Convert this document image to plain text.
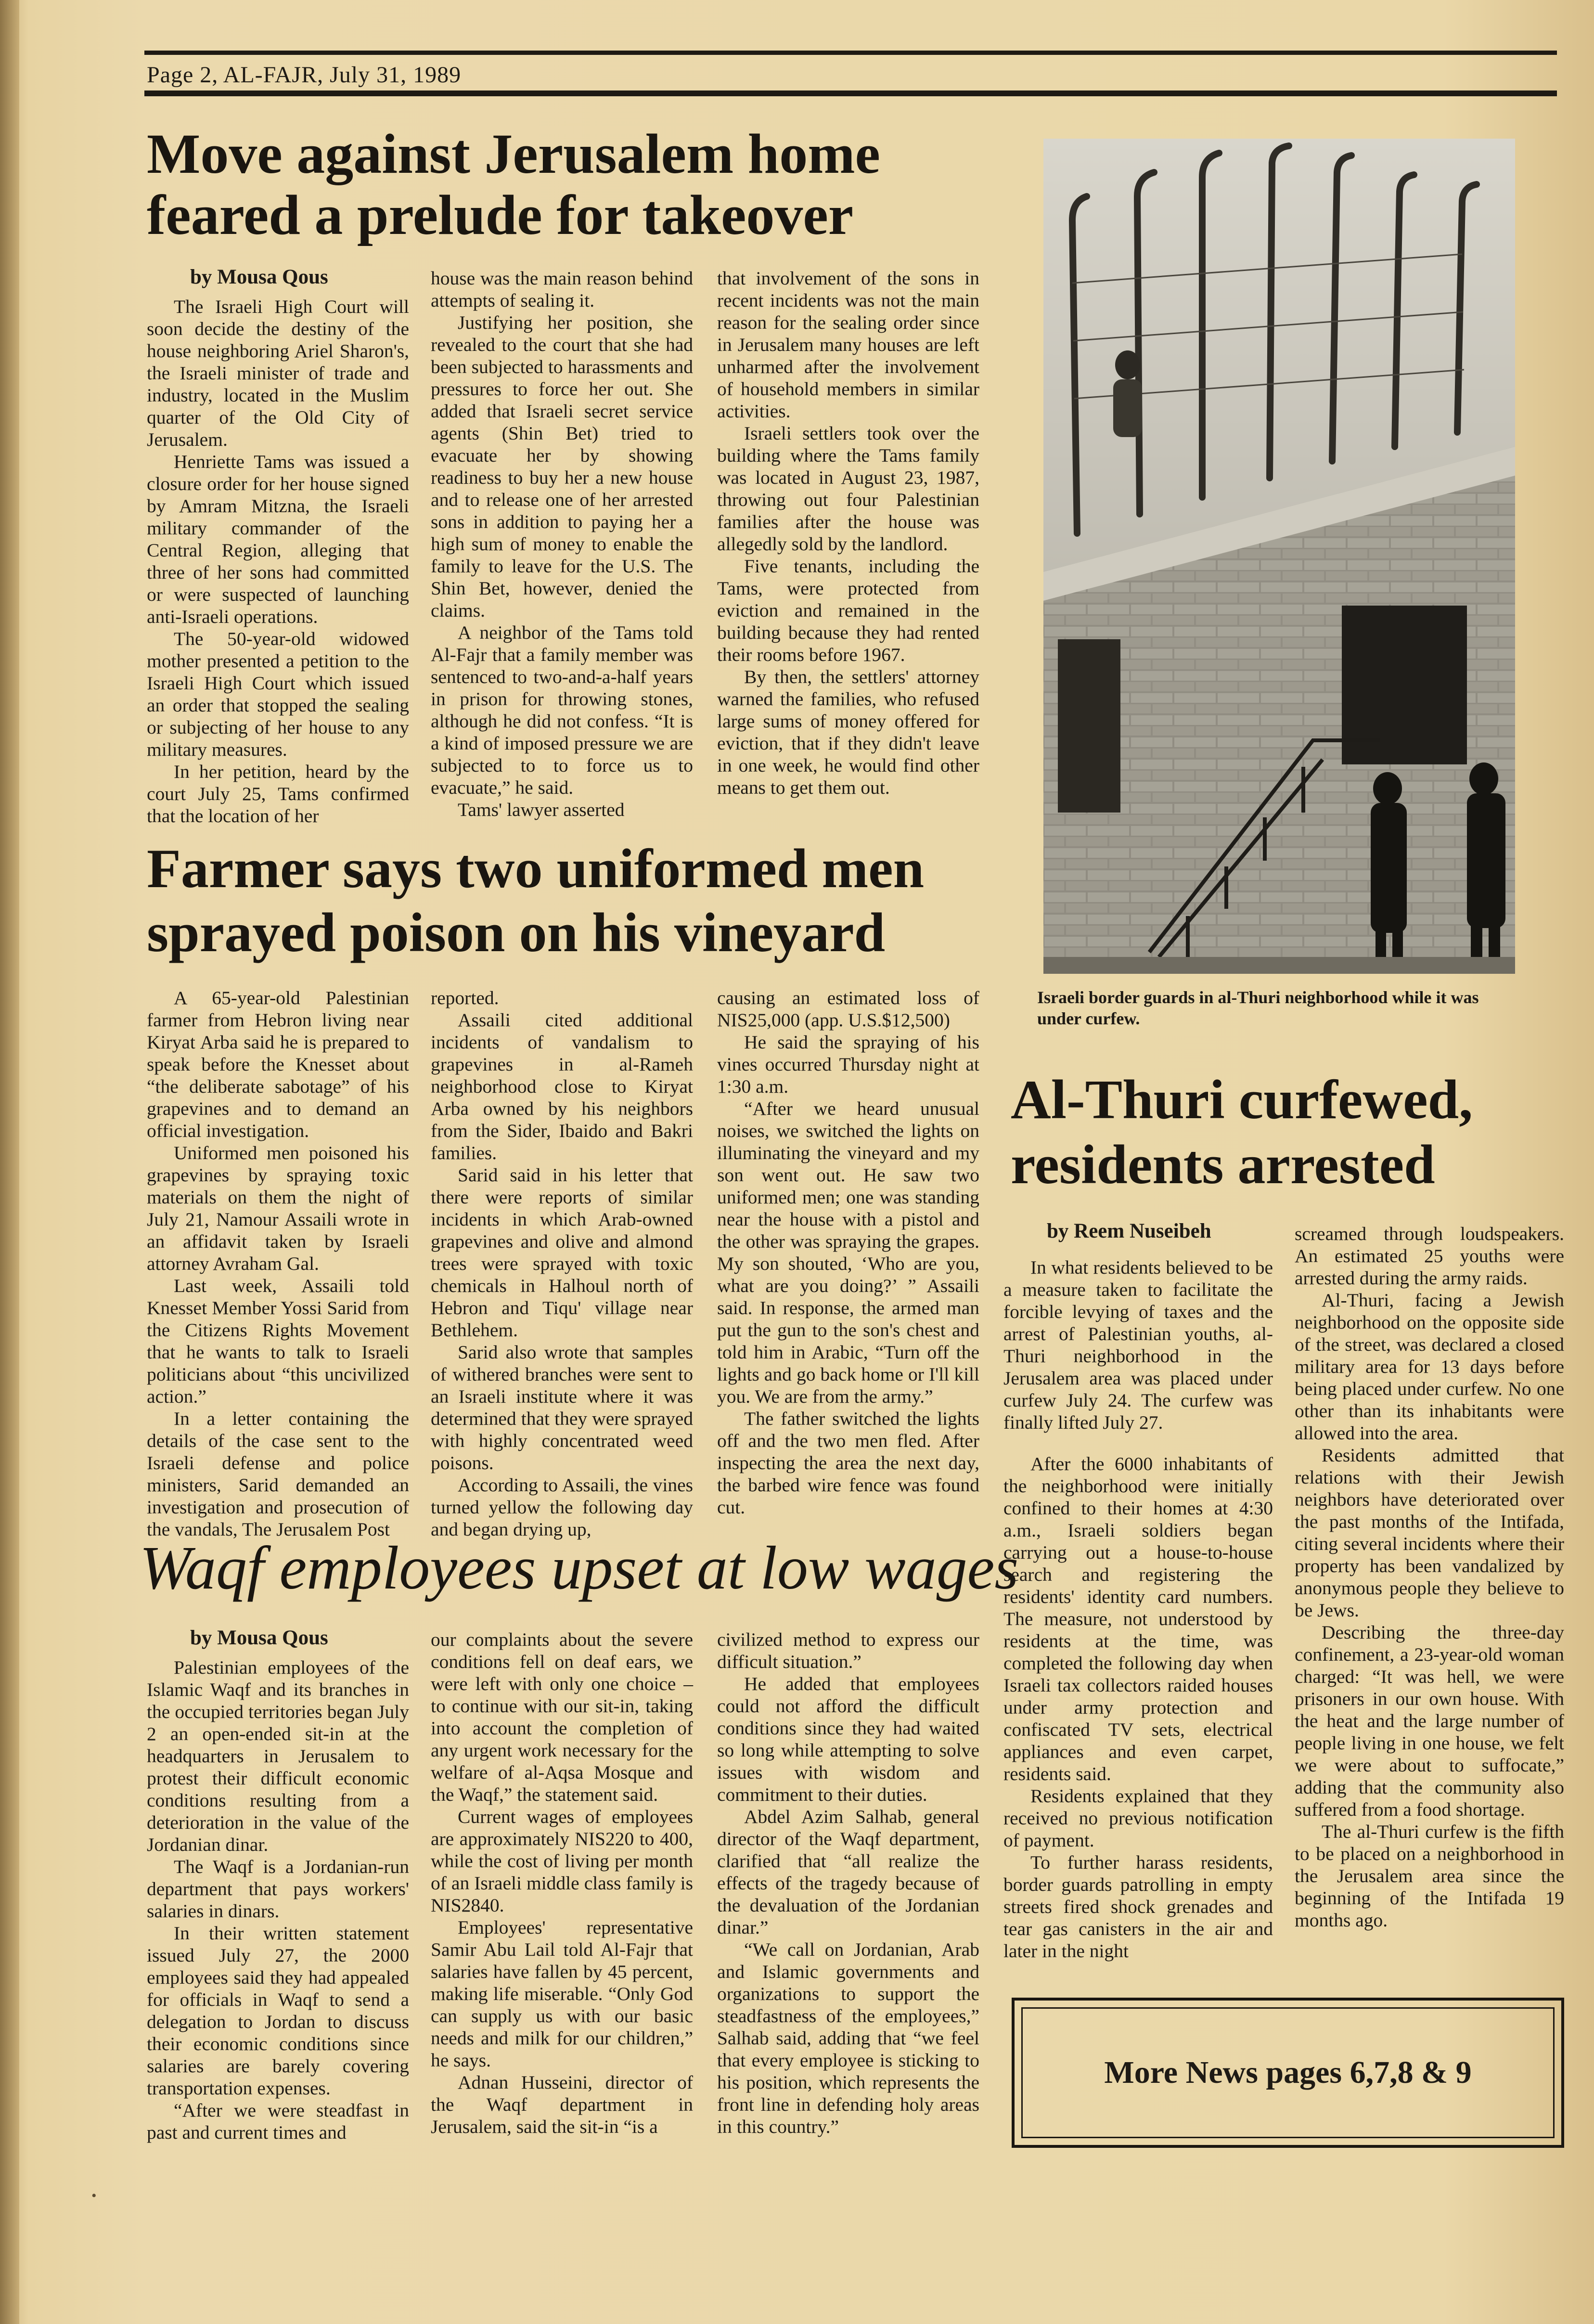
Page 2, AL-FAJR, July 31, 1989
Move against Jerusalem home
feared a prelude for takeover

by Mousa Qous

The Israeli High Court will soon decide the destiny of the house neighboring Ariel Sharon's, the Israeli minister of trade and industry, located in the Muslim quarter of the Old City of Jerusalem.

Henriette Tams was issued a closure order for her house signed by Amram Mitzna, the Israeli military commander of the Central Region, alleging that three of her sons had committed or were suspected of launching anti-Israeli operations.

The 50-year-old widowed mother presented a petition to the Israeli High Court which issued an order that stopped the sealing or subjecting of her house to any military measures.

In her petition, heard by the court July 25, Tams confirmed that the location of her

house was the main reason behind attempts of sealing it.

Justifying her position, she revealed to the court that she had been subjected to harassments and pressures to force her out. She added that Israeli secret service agents (Shin Bet) tried to evacuate her by showing readiness to buy her a new house and to release one of her arrested sons in addition to paying her a high sum of money to enable the family to leave for the U.S. The Shin Bet, however, denied the claims.

A neighbor of the Tams told Al-Fajr that a family member was sentenced to two-and-a-half years in prison for throwing stones, although he did not confess. “It is a kind of imposed pressure we are subjected to to force us to evacuate,” he said.

Tams' lawyer asserted

that involvement of the sons in recent incidents was not the main reason for the sealing order since in Jerusalem many houses are left unharmed after the involvement of household members in similar activities.

Israeli settlers took over the building where the Tams family was located in August 23, 1987, throwing out four Palestinian families after the house was allegedly sold by the landlord.

Five tenants, including the Tams, were protected from eviction and remained in the building because they had rented their rooms before 1967.

By then, the settlers' attorney warned the families, who refused large sums of money offered for eviction, that if they didn't leave in one week, he would find other means to get them out.

Farmer says two uniformed men
sprayed poison on his vineyard

A 65-year-old Palestinian farmer from Hebron living near Kiryat Arba said he is prepared to speak before the Knesset about “the deliberate sabotage” of his grapevines and to demand an official investigation.

Uniformed men poisoned his grapevines by spraying toxic materials on them the night of July 21, Namour Assaili wrote in an affidavit taken by Israeli attorney Avraham Gal.

Last week, Assaili told Knesset Member Yossi Sarid from the Citizens Rights Movement that he wants to talk to Israeli politicians about “this uncivilized action.”

In a letter containing the details of the case sent to the Israeli defense and police ministers, Sarid demanded an investigation and prosecution of the vandals, The Jerusalem Post

reported.

Assaili cited additional incidents of vandalism to grapevines in al-Rameh neighborhood close to Kiryat Arba owned by his neighbors from the Sider, Ibaido and Bakri families.

Sarid said in his letter that there were reports of similar incidents in which Arab-owned grapevines and olive and almond trees were sprayed with toxic chemicals in Halhoul north of Hebron and Tiqu' village near Bethlehem.

Sarid also wrote that samples of withered branches were sent to an Israeli institute where it was determined that they were sprayed with highly concentrated weed poisons.

According to Assaili, the vines turned yellow the following day and began drying up,

causing an estimated loss of NIS25,000 (app. U.S.$12,500)

He said the spraying of his vines occurred Thursday night at 1:30 a.m.

“After we heard unusual noises, we switched the lights on illuminating the vineyard and my son went out. He saw two uniformed men; one was standing near the house with a pistol and the other was spraying the grapes. My son shouted, ‘Who are you, what are you doing?’ ” Assaili said. In response, the armed man put the gun to the son's chest and told him in Arabic, “Turn off the lights and go back home or I'll kill you. We are from the army.”

The father switched the lights off and the two men fled. After inspecting the area the next day, the barbed wire fence was found cut.

Waqf employees upset at low wages

by Mousa Qous

Palestinian employees of the Islamic Waqf and its branches in the occupied territories began July 2 an open-ended sit-in at the headquarters in Jerusalem to protest their difficult economic conditions resulting from a deterioration in the value of the Jordanian dinar.

The Waqf is a Jordanian-run department that pays workers' salaries in dinars.

In their written statement issued July 27, the 2000 employees said they had appealed for officials in Waqf to send a delegation to Jordan to discuss their economic conditions since salaries are barely covering transportation expenses.

“After we were steadfast in past and current times and

our complaints about the severe conditions fell on deaf ears, we were left with only one choice – to continue with our sit-in, taking into account the completion of any urgent work necessary for the welfare of al-Aqsa Mosque and the Waqf,” the statement said.

Current wages of employees are approximately NIS220 to 400, while the cost of living per month of an Israeli middle class family is NIS2840.

Employees' representative Samir Abu Lail told Al-Fajr that salaries have fallen by 45 percent, making life miserable. “Only God can supply us with our basic needs and milk for our children,” he says.

Adnan Husseini, director of the Waqf department in Jerusalem, said the sit-in “is a

civilized method to express our difficult situation.”

He added that employees could not afford the difficult conditions since they had waited so long while attempting to solve issues with wisdom and commitment to their duties.

Abdel Azim Salhab, general director of the Waqf department, clarified that “all realize the effects of the tragedy because of the devaluation of the Jordanian dinar.”

“We call on Jordanian, Arab and Islamic governments and organizations to support the steadfastness of the employees,” Salhab said, adding that “we feel that every employee is sticking to his position, which represents the front line in defending holy areas in this country.”

Israeli border guards in al-Thuri neighborhood while it was under curfew.
Al-Thuri curfewed,
residents arrested

by Reem Nuseibeh

In what residents believed to be a measure taken to facilitate the forcible levying of taxes and the arrest of Palestinian youths, al-Thuri neighborhood in the Jerusalem area was placed under curfew July 24. The curfew was finally lifted July 27.

After the 6000 inhabitants of the neighborhood were initially confined to their homes at 4:30 a.m., Israeli soldiers began carrying out a house-to-house search and registering the residents' identity card numbers. The measure, not understood by residents at the time, was completed the following day when Israeli tax collectors raided houses under army protection and confiscated TV sets, electrical appliances and even carpet, residents said.

Residents explained that they received no previous notification of payment.

To further harass residents, border guards patrolling in empty streets fired shock grenades and tear gas canisters in the air and later in the night

screamed through loudspeakers. An estimated 25 youths were arrested during the army raids.

Al-Thuri, facing a Jewish neighborhood on the opposite side of the street, was declared a closed military area for 13 days before being placed under curfew. No one other than its inhabitants were allowed into the area.

Residents admitted that relations with their Jewish neighbors have deteriorated over the past months of the Intifada, citing several incidents where their property has been vandalized by anonymous people they believe to be Jews.

Describing the three-day confinement, a 23-year-old woman charged: “It was hell, we were prisoners in our own house. With the heat and the large number of people living in one house, we felt we were about to suffocate,” adding that the community also suffered from a food shortage.

The al-Thuri curfew is the fifth to be placed on a neighborhood in the Jerusalem area since the beginning of the Intifada 19 months ago.

More News pages 6,7,8 & 9
•
